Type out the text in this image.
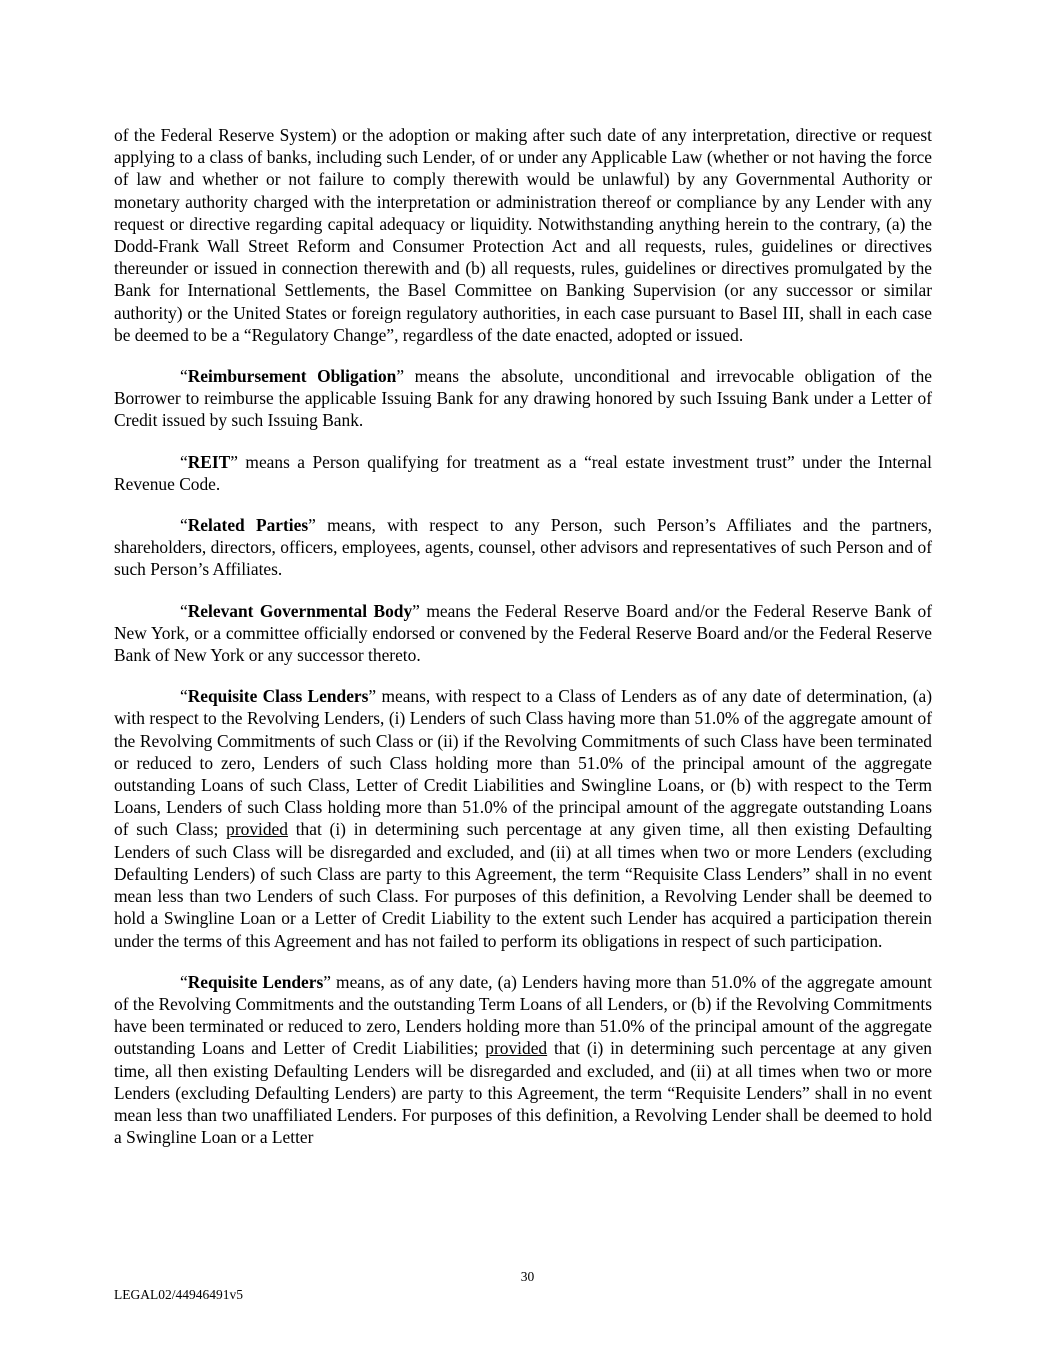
of the Federal Reserve System) or the adoption or making after such date of any interpretation, directive or request applying to a class of banks, including such Lender, of or under any Applicable Law (whether or not having the force of law and whether or not failure to comply therewith would be unlawful) by any Governmental Authority or monetary authority charged with the interpretation or administration thereof or compliance by any Lender with any request or directive regarding capital adequacy or liquidity. Notwithstanding anything herein to the contrary, (a) the Dodd-Frank Wall Street Reform and Consumer Protection Act and all requests, rules, guidelines or directives thereunder or issued in connection therewith and (b) all requests, rules, guidelines or directives promulgated by the Bank for International Settlements, the Basel Committee on Banking Supervision (or any successor or similar authority) or the United States or foreign regulatory authorities, in each case pursuant to Basel III, shall in each case be deemed to be a “Regulatory Change”, regardless of the date enacted, adopted or issued.

“Reimbursement Obligation” means the absolute, unconditional and irrevocable obligation of the Borrower to reimburse the applicable Issuing Bank for any drawing honored by such Issuing Bank under a Letter of Credit issued by such Issuing Bank.

“REIT” means a Person qualifying for treatment as a “real estate investment trust” under the Internal Revenue Code.

“Related Parties” means, with respect to any Person, such Person’s Affiliates and the partners, shareholders, directors, officers, employees, agents, counsel, other advisors and representatives of such Person and of such Person’s Affiliates.

“Relevant Governmental Body” means the Federal Reserve Board and/or the Federal Reserve Bank of New York, or a committee officially endorsed or convened by the Federal Reserve Board and/or the Federal Reserve Bank of New York or any successor thereto.

“Requisite Class Lenders” means, with respect to a Class of Lenders as of any date of determination, (a) with respect to the Revolving Lenders, (i) Lenders of such Class having more than 51.0% of the aggregate amount of the Revolving Commitments of such Class or (ii) if the Revolving Commitments of such Class have been terminated or reduced to zero, Lenders of such Class holding more than 51.0% of the principal amount of the aggregate outstanding Loans of such Class, Letter of Credit Liabilities and Swingline Loans, or (b) with respect to the Term Loans, Lenders of such Class holding more than 51.0% of the principal amount of the aggregate outstanding Loans of such Class; provided that (i) in determining such percentage at any given time, all then existing Defaulting Lenders of such Class will be disregarded and excluded, and (ii) at all times when two or more Lenders (excluding Defaulting Lenders) of such Class are party to this Agreement, the term “Requisite Class Lenders” shall in no event mean less than two Lenders of such Class. For purposes of this definition, a Revolving Lender shall be deemed to hold a Swingline Loan or a Letter of Credit Liability to the extent such Lender has acquired a participation therein under the terms of this Agreement and has not failed to perform its obligations in respect of such participation.

“Requisite Lenders” means, as of any date, (a) Lenders having more than 51.0% of the aggregate amount of the Revolving Commitments and the outstanding Term Loans of all Lenders, or (b) if the Revolving Commitments have been terminated or reduced to zero, Lenders holding more than 51.0% of the principal amount of the aggregate outstanding Loans and Letter of Credit Liabilities; provided that (i) in determining such percentage at any given time, all then existing Defaulting Lenders will be disregarded and excluded, and (ii) at all times when two or more Lenders (excluding Defaulting Lenders) are party to this Agreement, the term “Requisite Lenders” shall in no event mean less than two unaffiliated Lenders. For purposes of this definition, a Revolving Lender shall be deemed to hold a Swingline Loan or a Letter

30
LEGAL02/44946491v5
